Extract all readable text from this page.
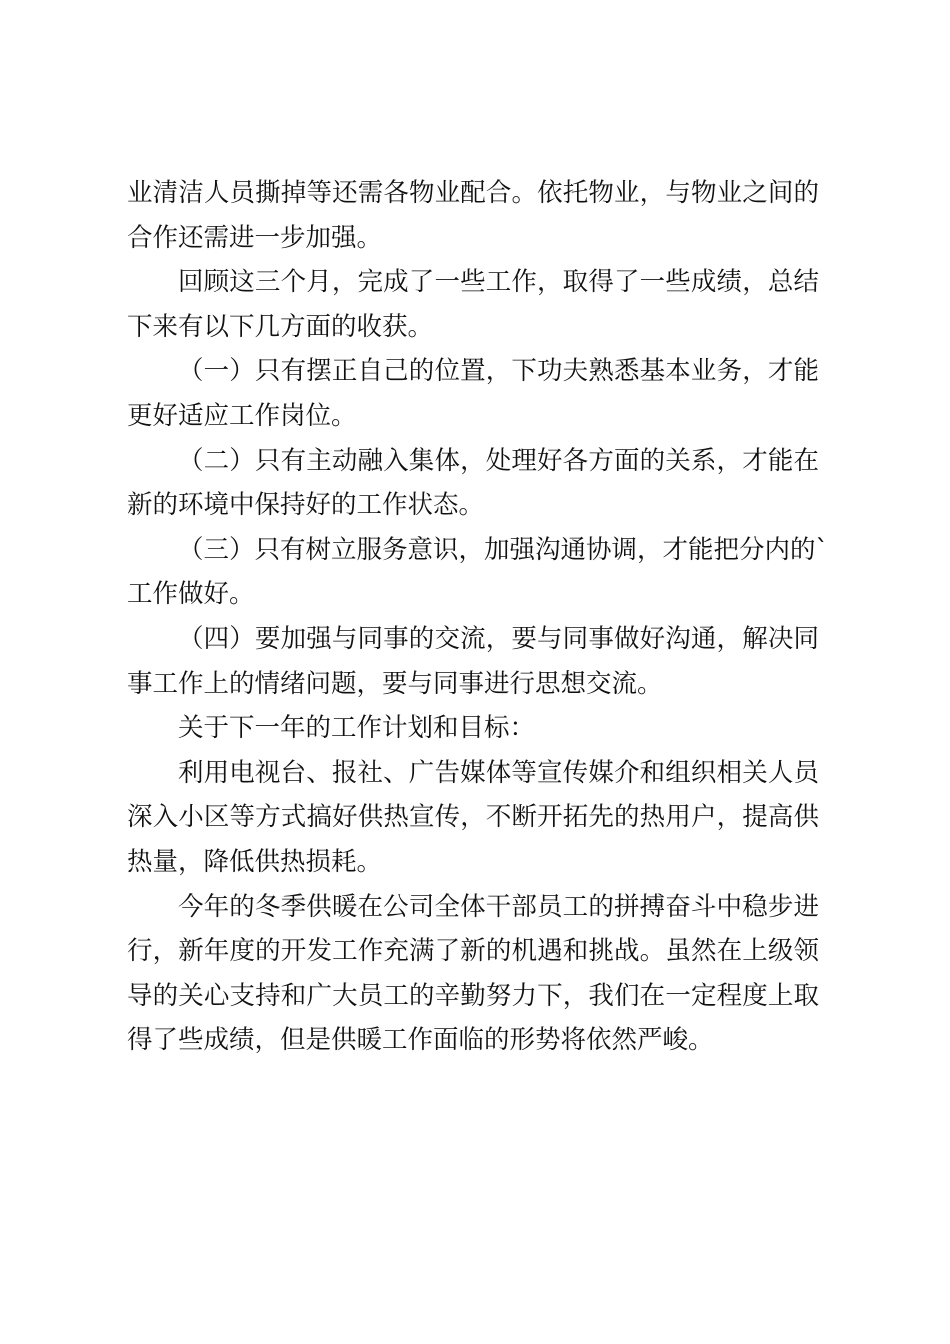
业清洁人员撕掉等还需各物业配合。依托物业，与物业之间的
合作还需进一步加强。

回顾这三个月，完成了一些工作，取得了一些成绩，总结
下来有以下几方面的收获。

（一）只有摆正自己的位置，下功夫熟悉基本业务，才能
更好适应工作岗位。

（二）只有主动融入集体，处理好各方面的关系，才能在
新的环境中保持好的工作状态。

（三）只有树立服务意识，加强沟通协调，才能把分内的`
工作做好。

（四）要加强与同事的交流，要与同事做好沟通，解决同
事工作上的情绪问题，要与同事进行思想交流。

关于下一年的工作计划和目标：

利用电视台、报社、广告媒体等宣传媒介和组织相关人员
深入小区等方式搞好供热宣传，不断开拓先的热用户，提高供
热量，降低供热损耗。

今年的冬季供暖在公司全体干部员工的拼搏奋斗中稳步进
行，新年度的开发工作充满了新的机遇和挑战。虽然在上级领
导的关心支持和广大员工的辛勤努力下，我们在一定程度上取
得了些成绩，但是供暖工作面临的形势将依然严峻。
